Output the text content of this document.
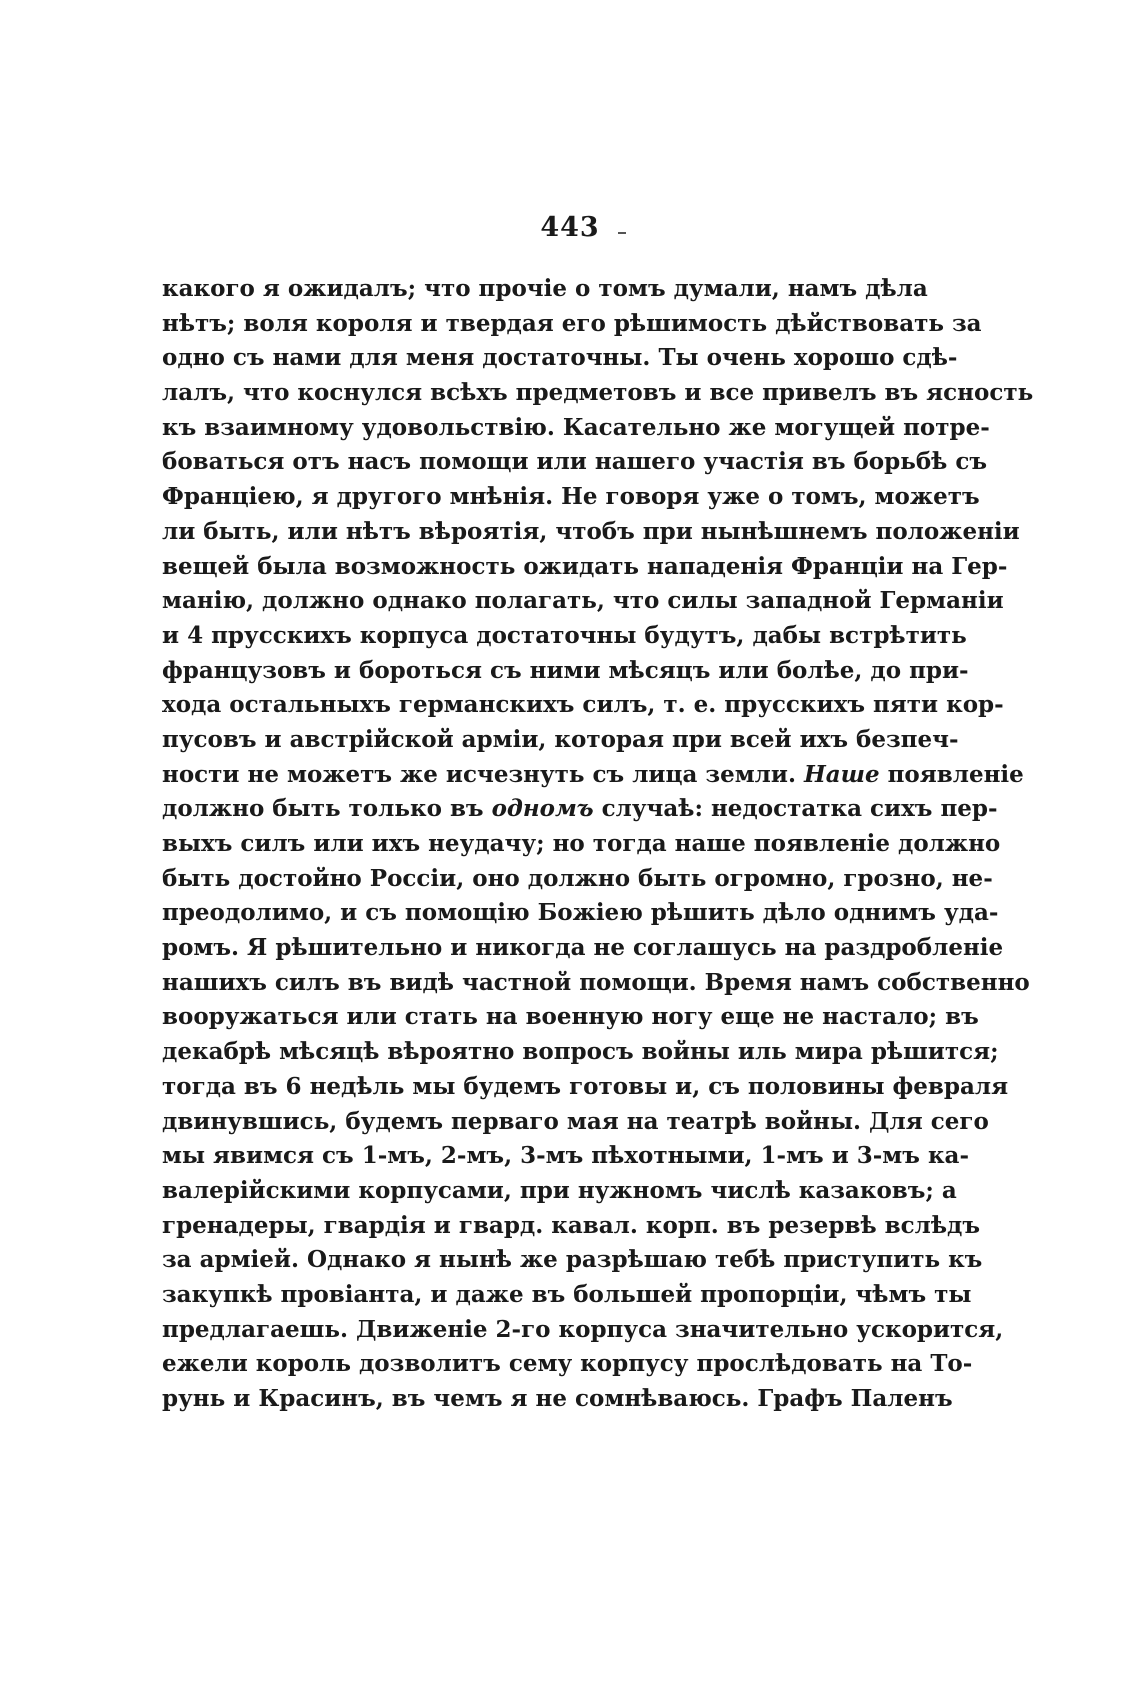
443
какого я ожидалъ; что прочіе о томъ думали, намъ дѣла
нѣтъ; воля короля и твердая его рѣшимость дѣйствовать за
одно съ нами для меня достаточны. Ты очень хорошо сдѣ-
лалъ, что коснулся всѣхъ предметовъ и все привелъ въ ясность
къ взаимному удовольствію. Касательно же могущей потре-
боваться отъ насъ помощи или нашего участія въ борьбѣ съ
Франціею, я другого мнѣнія. Не говоря уже о томъ, можетъ
ли быть, или нѣтъ вѣроятія, чтобъ при нынѣшнемъ положеніи
вещей была возможность ожидать нападенія Франціи на Гер-
манію, должно однако полагать, что силы западной Германіи
и 4 прусскихъ корпуса достаточны будутъ, дабы встрѣтить
французовъ и бороться съ ними мѣсяцъ или болѣе, до при-
хода остальныхъ германскихъ силъ, т. е. прусскихъ пяти кор-
пусовъ и австрійской арміи, которая при всей ихъ безпеч-
ности не можетъ же исчезнуть съ лица земли. Наше появленіе
должно быть только въ одномъ случаѣ: недостатка сихъ пер-
выхъ силъ или ихъ неудачу; но тогда наше появленіе должно
быть достойно Россіи, оно должно быть огромно, грозно, не-
преодолимо, и съ помощію Божіею рѣшить дѣло однимъ уда-
ромъ. Я рѣшительно и никогда не соглашусь на раздробленіе
нашихъ силъ въ видѣ частной помощи. Время намъ собственно
вооружаться или стать на военную ногу еще не настало; въ
декабрѣ мѣсяцѣ вѣроятно вопросъ войны иль мира рѣшится;
тогда въ 6 недѣль мы будемъ готовы и, съ половины февраля
двинувшись, будемъ перваго мая на театрѣ войны. Для сего
мы явимся съ 1-мъ, 2-мъ, 3-мъ пѣхотными, 1-мъ и 3-мъ ка-
валерійскими корпусами, при нужномъ числѣ казаковъ; а
гренадеры, гвардія и гвард. кавал. корп. въ резервѣ вслѣдъ
за арміей. Однако я нынѣ же разрѣшаю тебѣ приступить къ
закупкѣ провіанта, и даже въ большей пропорціи, чѣмъ ты
предлагаешь. Движеніе 2-го корпуса значительно ускорится,
ежели король дозволитъ сему корпусу прослѣдовать на То-
рунь и Красинъ, въ чемъ я не сомнѣваюсь. Графъ Паленъ
